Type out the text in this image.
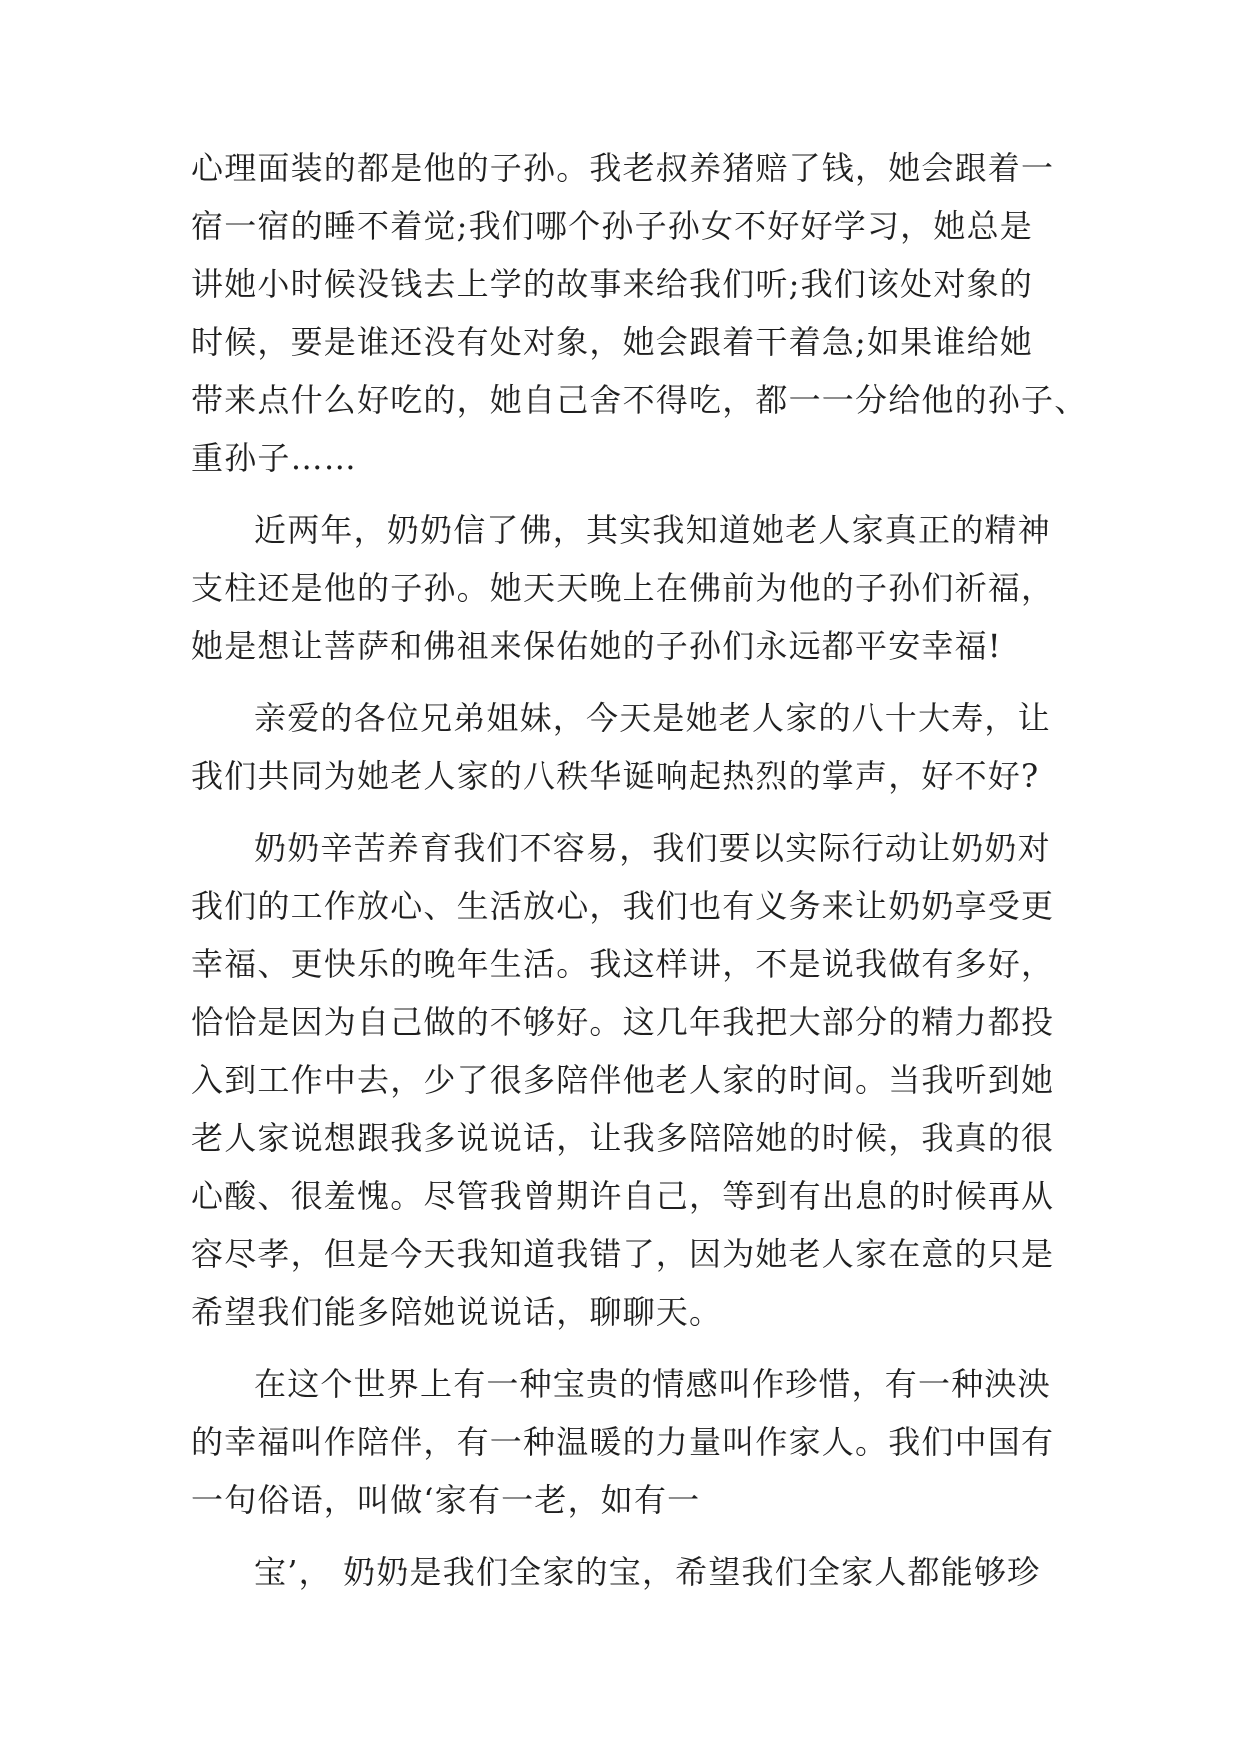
心理面装的都是他的子孙。我老叔养猪赔了钱，她会跟着一
宿一宿的睡不着觉;我们哪个孙子孙女不好好学习，她总是
讲她小时候没钱去上学的故事来给我们听;我们该处对象的
时候，要是谁还没有处对象，她会跟着干着急;如果谁给她
带来点什么好吃的，她自己舍不得吃，都一一分给他的孙子、
重孙子……
近两年，奶奶信了佛，其实我知道她老人家真正的精神
支柱还是他的子孙。她天天晚上在佛前为他的子孙们祈福，
她是想让菩萨和佛祖来保佑她的子孙们永远都平安幸福!
亲爱的各位兄弟姐妹，今天是她老人家的八十大寿，让
我们共同为她老人家的八秩华诞响起热烈的掌声，好不好?
奶奶辛苦养育我们不容易，我们要以实际行动让奶奶对
我们的工作放心、生活放心，我们也有义务来让奶奶享受更
幸福、更快乐的晚年生活。我这样讲，不是说我做有多好，
恰恰是因为自己做的不够好。这几年我把大部分的精力都投
入到工作中去，少了很多陪伴他老人家的时间。当我听到她
老人家说想跟我多说说话，让我多陪陪她的时候，我真的很
心酸、很羞愧。尽管我曾期许自己，等到有出息的时候再从
容尽孝，但是今天我知道我错了，因为她老人家在意的只是
希望我们能多陪她说说话，聊聊天。
在这个世界上有一种宝贵的情感叫作珍惜，有一种泱泱
的幸福叫作陪伴，有一种温暖的力量叫作家人。我们中国有
一句俗语，叫做‘家有一老，如有一
宝’， 奶奶是我们全家的宝，希望我们全家人都能够珍
